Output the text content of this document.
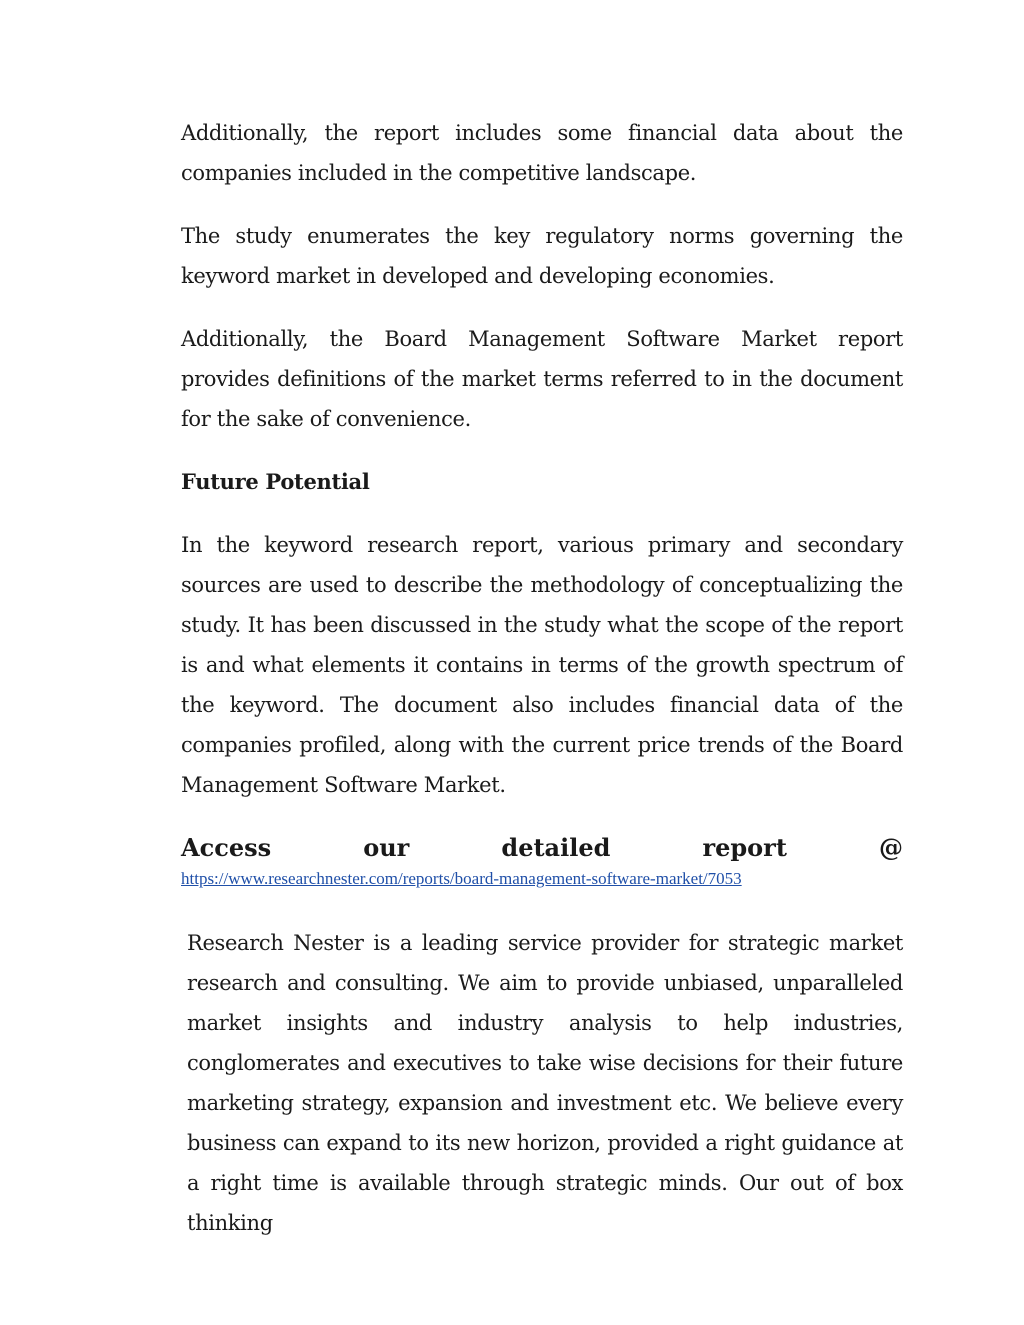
Additionally, the report includes some financial data about the companies included in the competitive landscape.

The study enumerates the key regulatory norms governing the keyword market in developed and developing economies.

Additionally, the Board Management Software Market report provides definitions of the market terms referred to in the document for the sake of convenience.

Future Potential

In the keyword research report, various primary and secondary sources are used to describe the methodology of conceptualizing the study. It has been discussed in the study what the scope of the report is and what elements it contains in terms of the growth spectrum of the keyword. The document also includes financial data of the companies profiled, along with the current price trends of the Board Management Software Market.

Access	our	detailed	report	@
https://www.researchnester.com/reports/board-management-software-market/7053

Research Nester is a leading service provider for strategic market research and consulting. We aim to provide unbiased, unparalleled market insights and industry analysis to help industries, conglomerates and executives to take wise decisions for their future marketing strategy, expansion and investment etc. We believe every business can expand to its new horizon, provided a right guidance at a right time is available through strategic minds. Our out of box thinking
